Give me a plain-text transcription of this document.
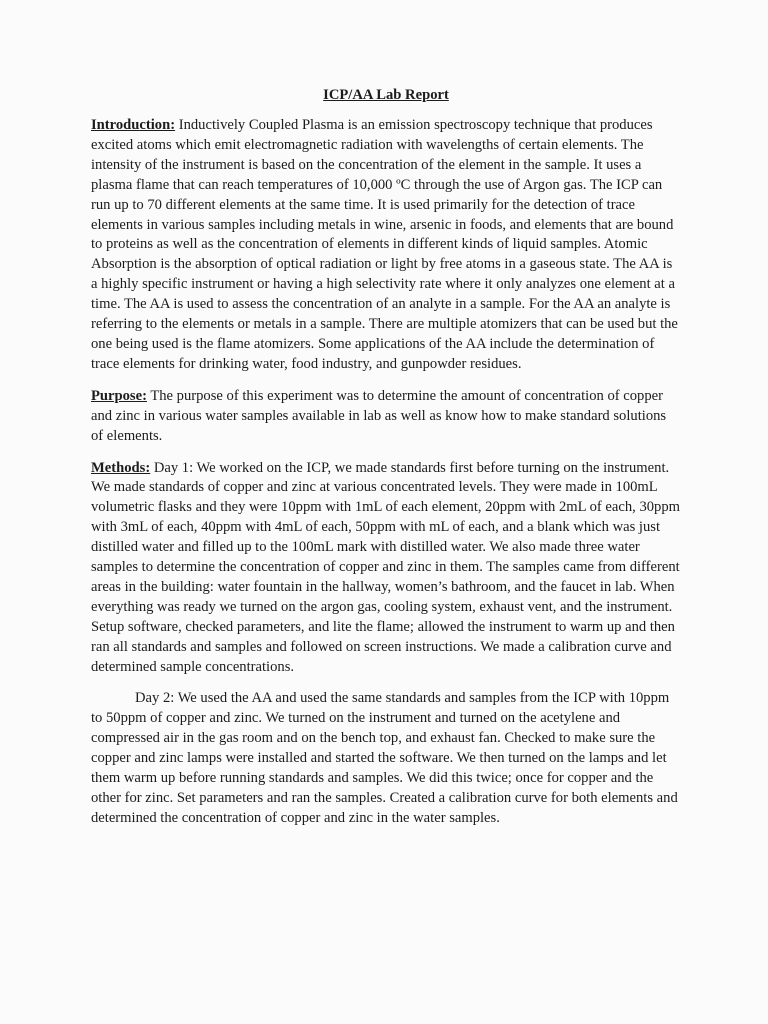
ICP/AA Lab Report

Introduction: Inductively Coupled Plasma is an emission spectroscopy technique that produces excited atoms which emit electromagnetic radiation with wavelengths of certain elements. The intensity of the instrument is based on the concentration of the element in the sample. It uses a plasma flame that can reach temperatures of 10,000 ºC through the use of Argon gas. The ICP can run up to 70 different elements at the same time. It is used primarily for the detection of trace elements in various samples including metals in wine, arsenic in foods, and elements that are bound to proteins as well as the concentration of elements in different kinds of liquid samples. Atomic Absorption is the absorption of optical radiation or light by free atoms in a gaseous state. The AA is a highly specific instrument or having a high selectivity rate where it only analyzes one element at a time. The AA is used to assess the concentration of an analyte in a sample. For the AA an analyte is referring to the elements or metals in a sample. There are multiple atomizers that can be used but the one being used is the flame atomizers. Some applications of the AA include the determination of trace elements for drinking water, food industry, and gunpowder residues.

Purpose: The purpose of this experiment was to determine the amount of concentration of copper and zinc in various water samples available in lab as well as know how to make standard solutions of elements.

Methods: Day 1: We worked on the ICP, we made standards first before turning on the instrument. We made standards of copper and zinc at various concentrated levels. They were made in 100mL volumetric flasks and they were 10ppm with 1mL of each element, 20ppm with 2mL of each, 30ppm with 3mL of each, 40ppm with 4mL of each, 50ppm with mL of each, and a blank which was just distilled water and filled up to the 100mL mark with distilled water. We also made three water samples to determine the concentration of copper and zinc in them. The samples came from different areas in the building: water fountain in the hallway, women’s bathroom, and the faucet in lab. When everything was ready we turned on the argon gas, cooling system, exhaust vent, and the instrument. Setup software, checked parameters, and lite the flame; allowed the instrument to warm up and then ran all standards and samples and followed on screen instructions. We made a calibration curve and determined sample concentrations.

Day 2: We used the AA and used the same standards and samples from the ICP with 10ppm to 50ppm of copper and zinc. We turned on the instrument and turned on the acetylene and compressed air in the gas room and on the bench top, and exhaust fan. Checked to make sure the copper and zinc lamps were installed and started the software. We then turned on the lamps and let them warm up before running standards and samples. We did this twice; once for copper and the other for zinc. Set parameters and ran the samples. Created a calibration curve for both elements and determined the concentration of copper and zinc in the water samples.
